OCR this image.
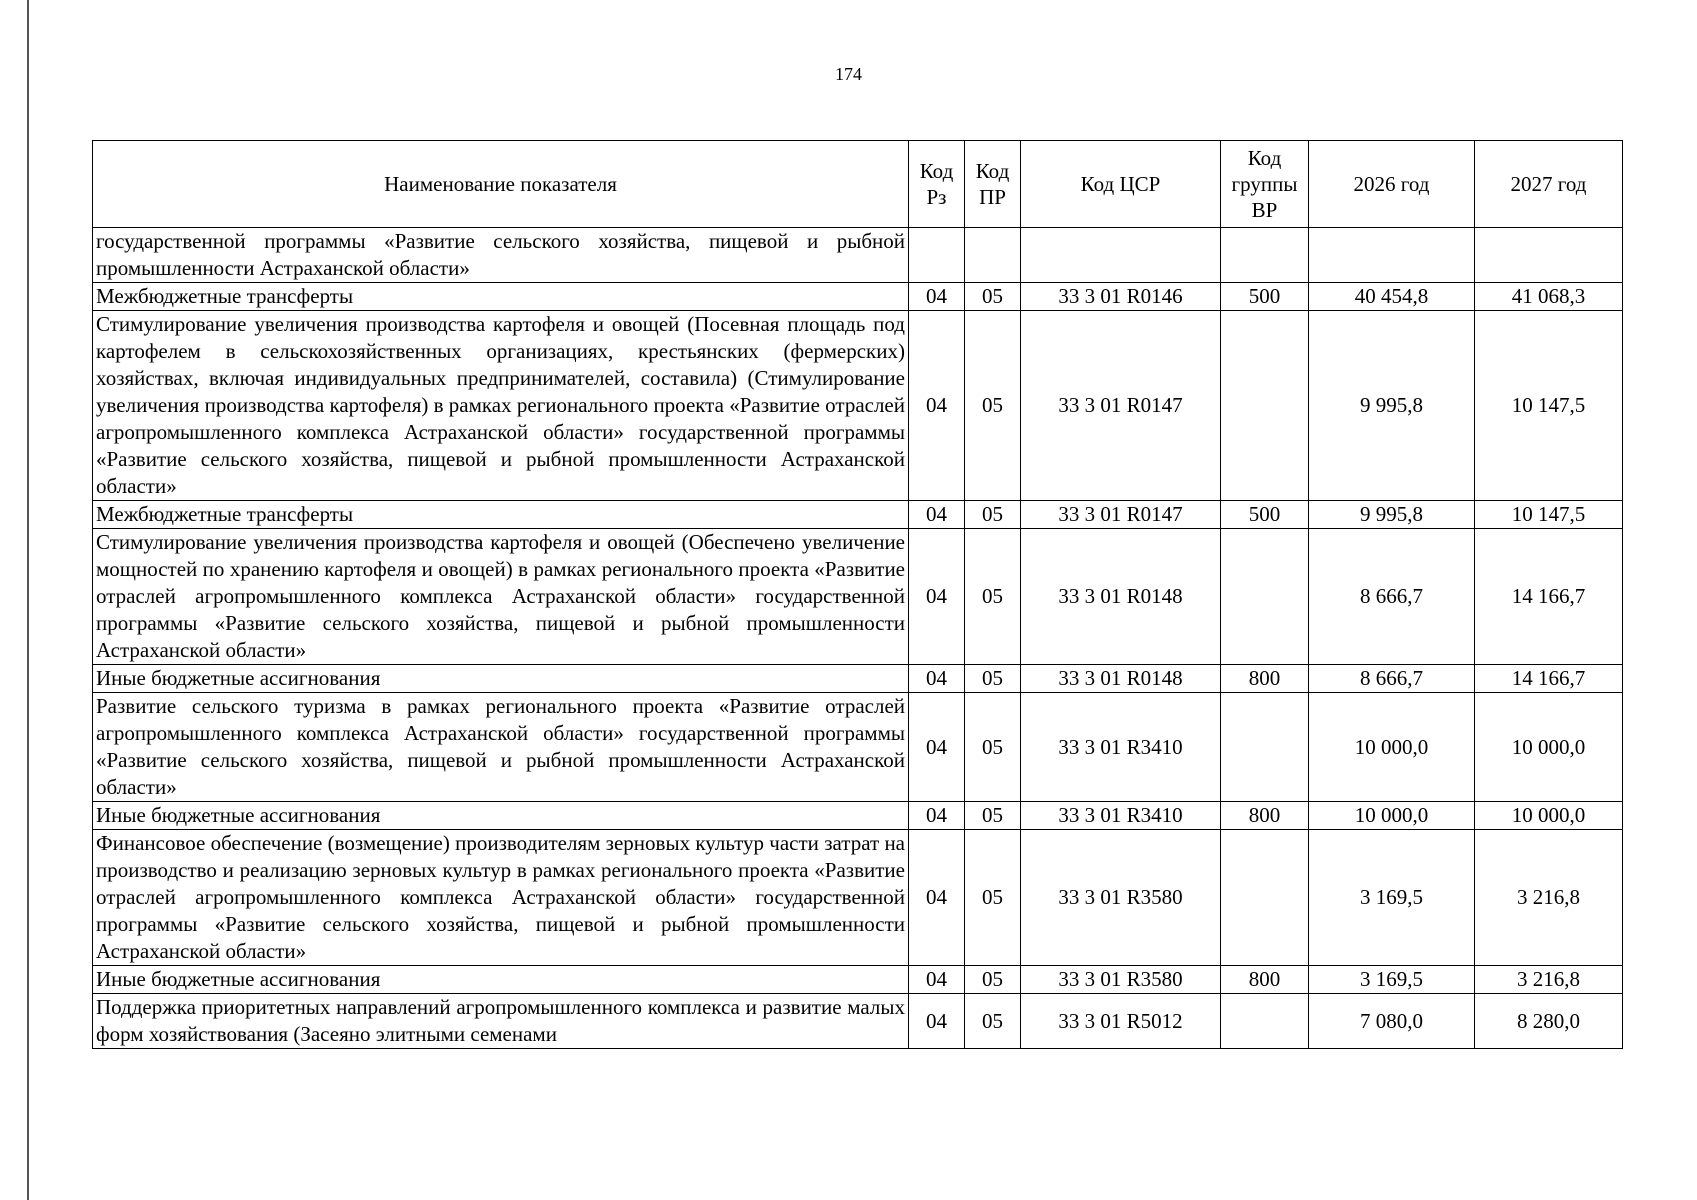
174
Наименование показателя	Код Рз	Код ПР	Код ЦСР	Код группы ВР	2026 год	2027 год
государственной программы «Развитие сельского хозяйства, пищевой и рыбной промышленности Астраханской области»						
Межбюджетные трансферты	04	05	33 3 01 R0146	500	40 454,8	41 068,3
Стимулирование увеличения производства картофеля и овощей (Посевная площадь под картофелем в сельскохозяйственных организациях, крестьянских (фермерских) хозяйствах, включая индивидуальных предпринимателей, составила) (Стимулирование увеличения производства картофеля) в рамках регионального проекта «Развитие отраслей агропромышленного комплекса Астраханской области» государственной программы «Развитие сельского хозяйства, пищевой и рыбной промышленности Астраханской области»	04	05	33 3 01 R0147		9 995,8	10 147,5
Межбюджетные трансферты	04	05	33 3 01 R0147	500	9 995,8	10 147,5
Стимулирование увеличения производства картофеля и овощей (Обеспечено увеличение мощностей по хранению картофеля и овощей) в рамках регионального проекта «Развитие отраслей агропромышленного комплекса Астраханской области» государственной программы «Развитие сельского хозяйства, пищевой и рыбной промышленности Астраханской области»	04	05	33 3 01 R0148		8 666,7	14 166,7
Иные бюджетные ассигнования	04	05	33 3 01 R0148	800	8 666,7	14 166,7
Развитие сельского туризма в рамках регионального проекта «Развитие отраслей агропромышленного комплекса Астраханской области» государственной программы «Развитие сельского хозяйства, пищевой и рыбной промышленности Астраханской области»	04	05	33 3 01 R3410		10 000,0	10 000,0
Иные бюджетные ассигнования	04	05	33 3 01 R3410	800	10 000,0	10 000,0
Финансовое обеспечение (возмещение) производителям зерновых культур части затрат на производство и реализацию зерновых культур в рамках регионального проекта «Развитие отраслей агропромышленного комплекса Астраханской области» государственной программы «Развитие сельского хозяйства, пищевой и рыбной промышленности Астраханской области»	04	05	33 3 01 R3580		3 169,5	3 216,8
Иные бюджетные ассигнования	04	05	33 3 01 R3580	800	3 169,5	3 216,8
Поддержка приоритетных направлений агропромышленного комплекса и развитие малых форм хозяйствования (Засеяно элитными семенами	04	05	33 3 01 R5012		7 080,0	8 280,0
